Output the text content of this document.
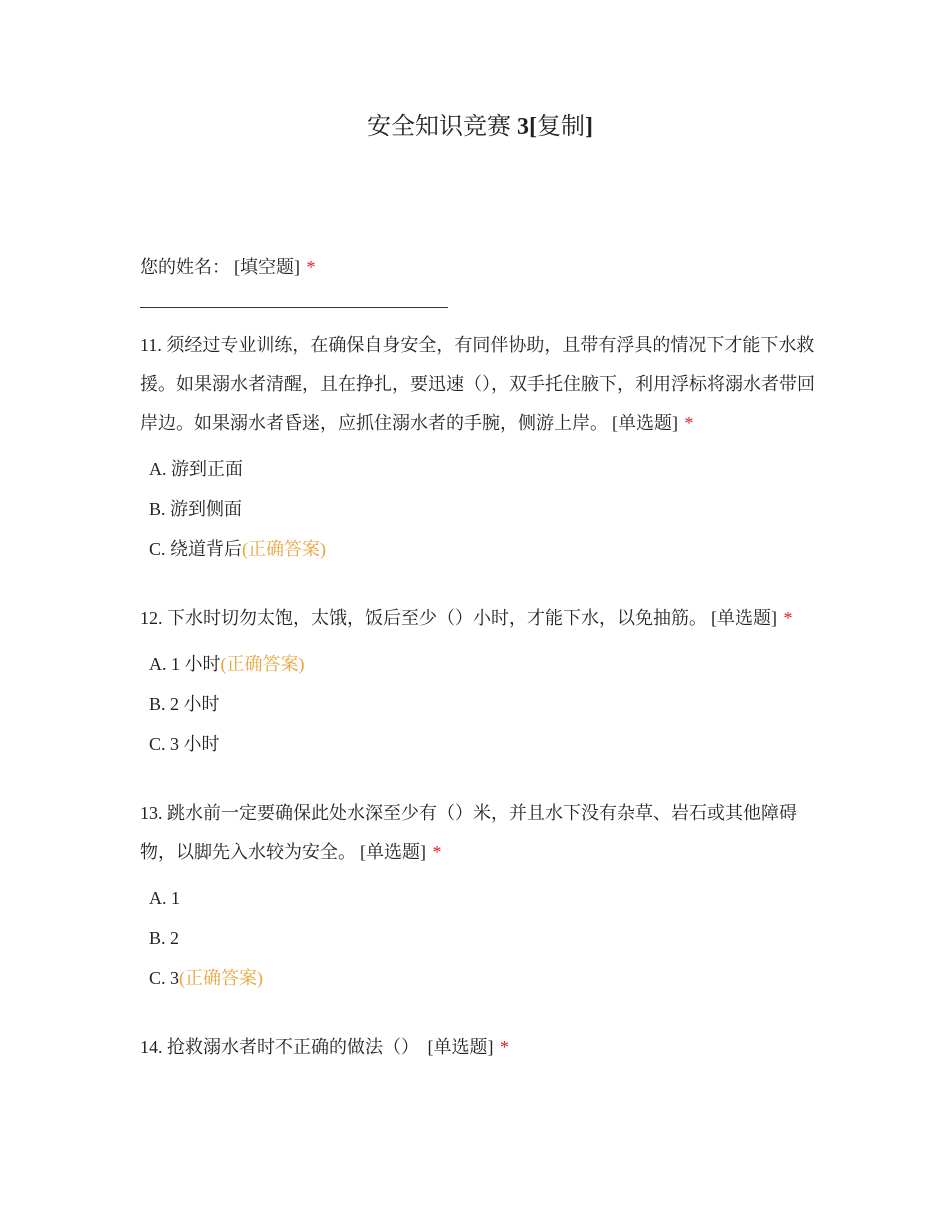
安全知识竞赛 3[复制]

您的姓名： [填空题] *

11. 须经过专业训练，在确保自身安全，有同伴协助，且带有浮具的情况下才能下水救援。如果溺水者清醒，且在挣扎，要迅速（），双手托住腋下，利用浮标将溺水者带回岸边。如果溺水者昏迷，应抓住溺水者的手腕，侧游上岸。 [单选题] *

A. 游到正面
B. 游到侧面
C. 绕道背后(正确答案)

12. 下水时切勿太饱，太饿，饭后至少（）小时，才能下水，以免抽筋。 [单选题] *

A. 1 小时(正确答案)
B. 2 小时
C. 3 小时

13. 跳水前一定要确保此处水深至少有（）米，并且水下没有杂草、岩石或其他障碍物，以脚先入水较为安全。 [单选题] *

A. 1
B. 2
C. 3(正确答案)

14. 抢救溺水者时不正确的做法（） [单选题] *
